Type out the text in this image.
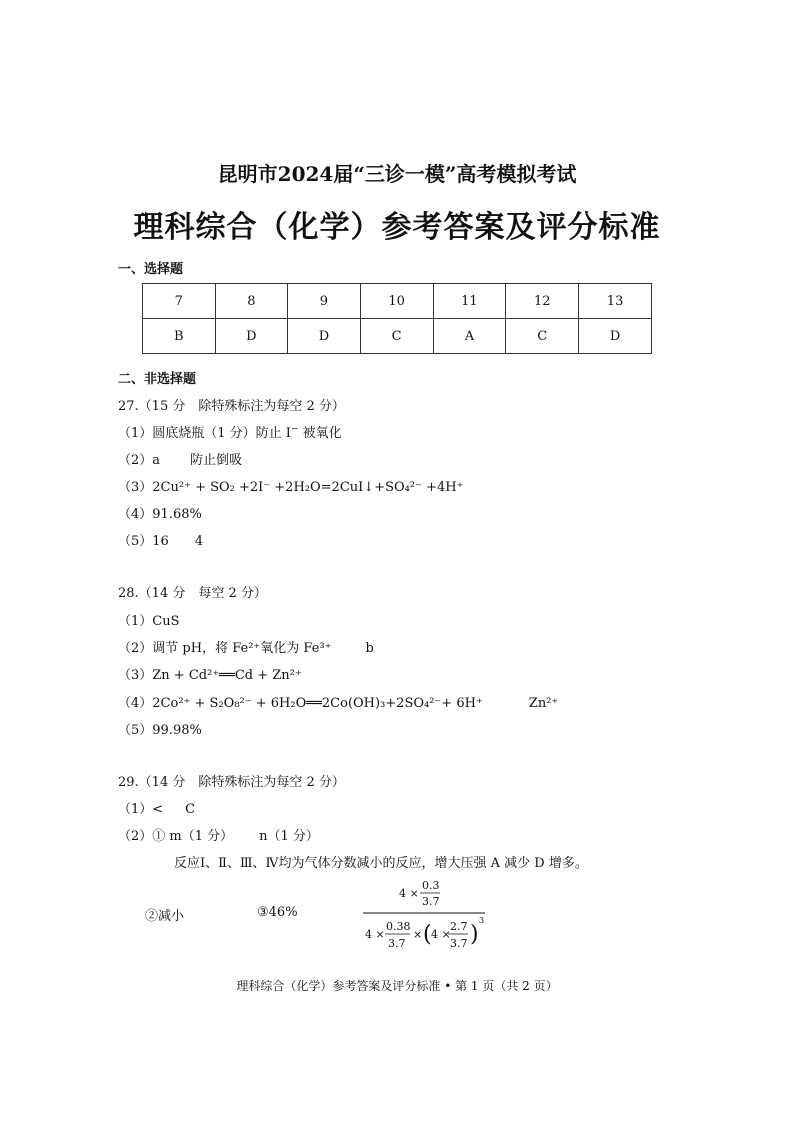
昆明市2024届“三诊一模”高考模拟考试
理科综合（化学）参考答案及评分标准
一、选择题
7	8	9	10	11	12	13
B	D	D	C	A	C	D
二、非选择题
27.（15 分　除特殊标注为每空 2 分）
（1）圆底烧瓶（1 分）防止 I− 被氧化
（2）a 防止倒吸
（3）2Cu²⁺ + SO₂ +2I⁻ +2H₂O=2CuI↓+SO₄²⁻ +4H⁺
（4）91.68%
（5）16 4
28.（14 分　每空 2 分）
（1）CuS
（2）调节 pH，将 Fe²⁺氧化为 Fe³⁺	b
（3）Zn + Cd²⁺══Cd + Zn²⁺
（4）2Co²⁺ + S₂O₈²⁻ + 6H₂O══2Co(OH)₃+2SO₄²⁻+ 6H⁺	Zn²⁺
（5）99.98%
29.（14 分　除特殊标注为每空 2 分）
（1）< C
（2）① m（1 分） n（1 分）
反应Ⅰ、Ⅱ、Ⅲ、Ⅳ均为气体分数减小的反应，增大压强 A 减少 D 增多。
②减小	③46%
4 ×
0.3
3.7
4 ×
0.38
3.7
× ( 4 ×
2.7
3.7 )
3
理科综合（化学）参考答案及评分标准 • 第 1 页（共 2 页）
